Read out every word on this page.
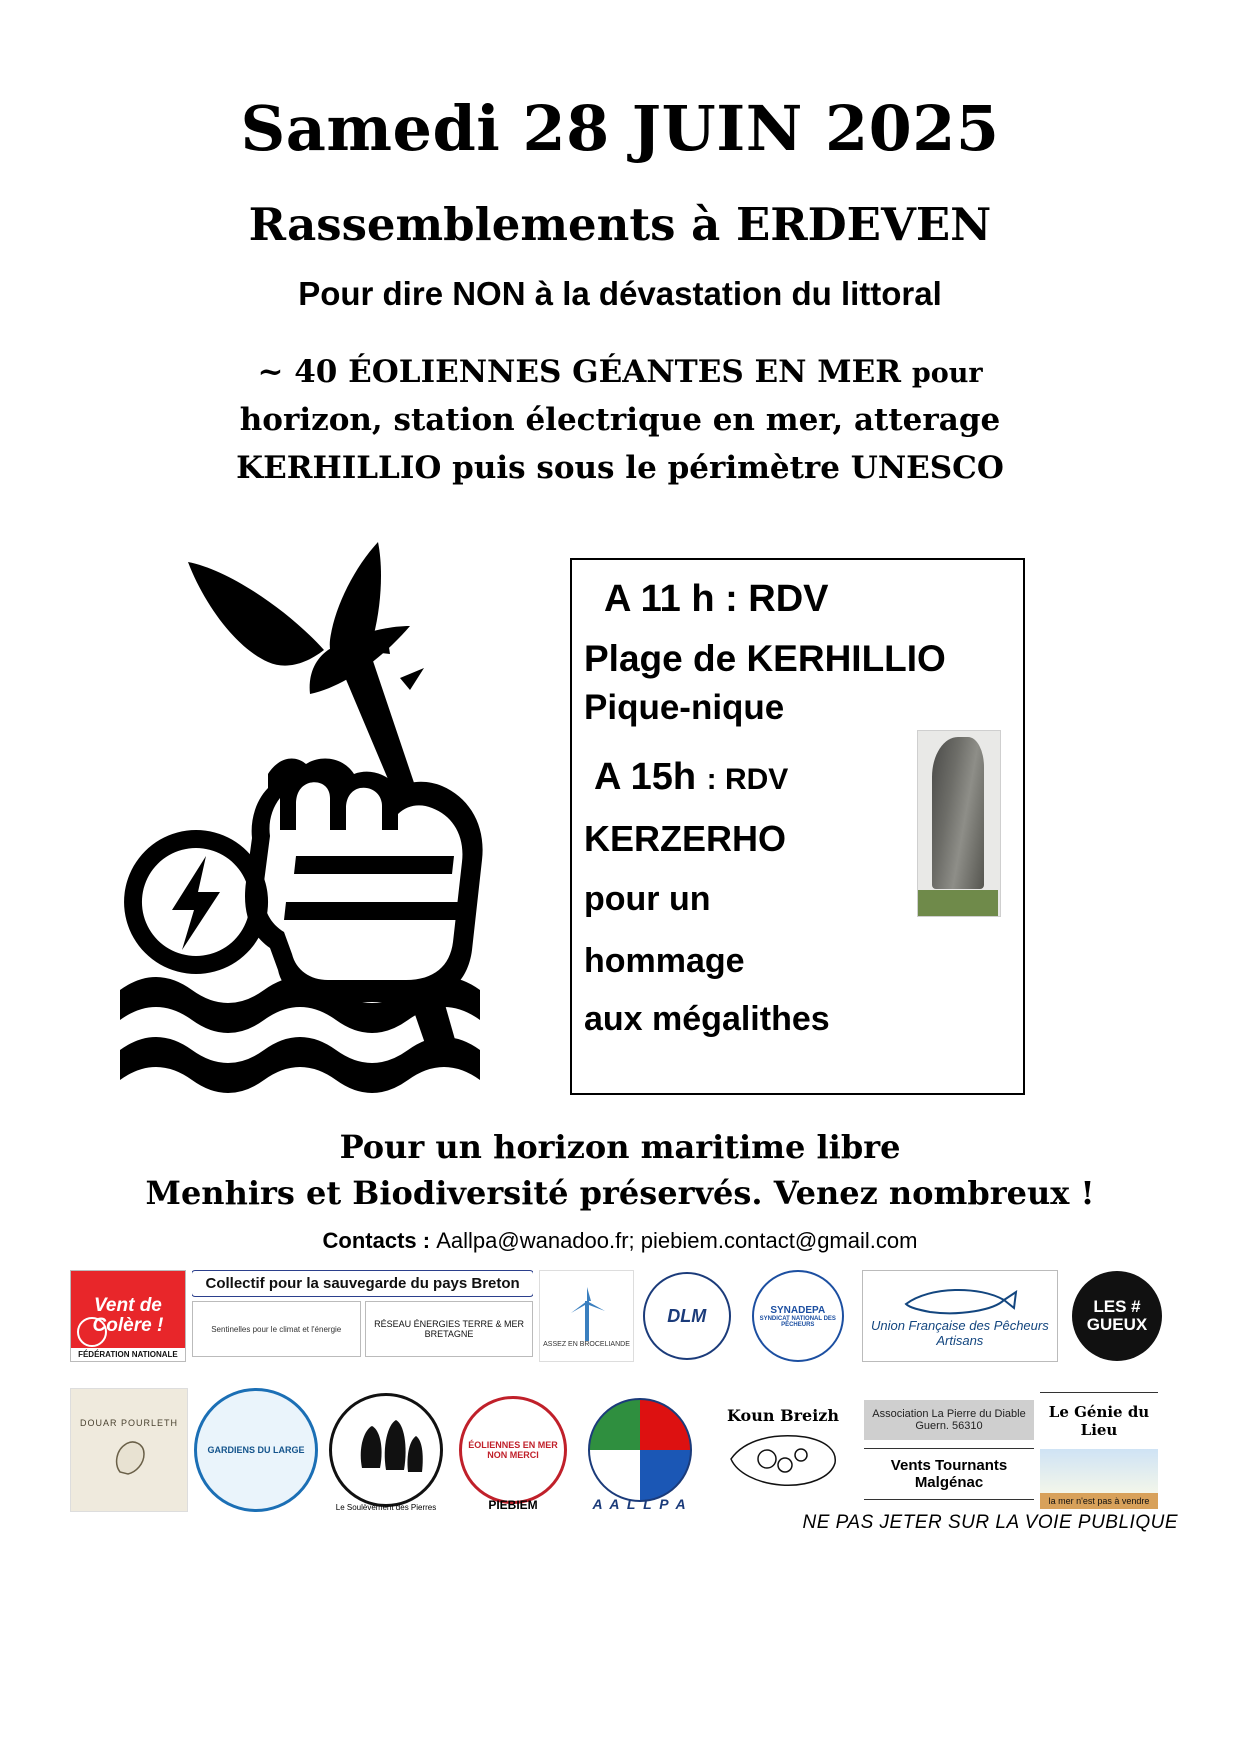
Samedi 28 JUIN 2025
Rassemblements à ERDEVEN
Pour dire NON à la dévastation du littoral
~ 40 ÉOLIENNES GÉANTES EN MER pour
horizon, station électrique en mer, atterage
KERHILLIO puis sous le périmètre UNESCO
A 11 h : RDV
Plage de KERHILLIO
Pique-nique
A 15h : RDV
KERZERHO
pour un
hommage
aux mégalithes
Pour un horizon maritime libre
Menhirs et Biodiversité préservés. Venez nombreux !
Contacts : Aallpa@wanadoo.fr; piebiem.contact@gmail.com
Vent de Colère !
FÉDÉRATION NATIONALE
Collectif pour la sauvegarde du pays Breton
Sentinelles pour le climat et l'énergie	RÉSEAU ÉNERGIES TERRE & MER BRETAGNE
ASSEZ EN BROCELIANDE
DLM	SYNADEPA
SYNDICAT NATIONAL DES PÊCHEURS	Union Française des Pêcheurs Artisans
LES # GUEUX
DOUAR POURLETH
GARDIENS DU LARGE
Le Soulèvement des Pierres
ÉOLIENNES EN MER NON MERCI
PIEBIEM	A A L L P A
Koun Breizh	Association La Pierre du Diable Guern. 56310
Vents Tournants Malgénac
Le Génie du Lieu
la mer n'est pas à vendre
NE PAS JETER SUR LA VOIE PUBLIQUE
